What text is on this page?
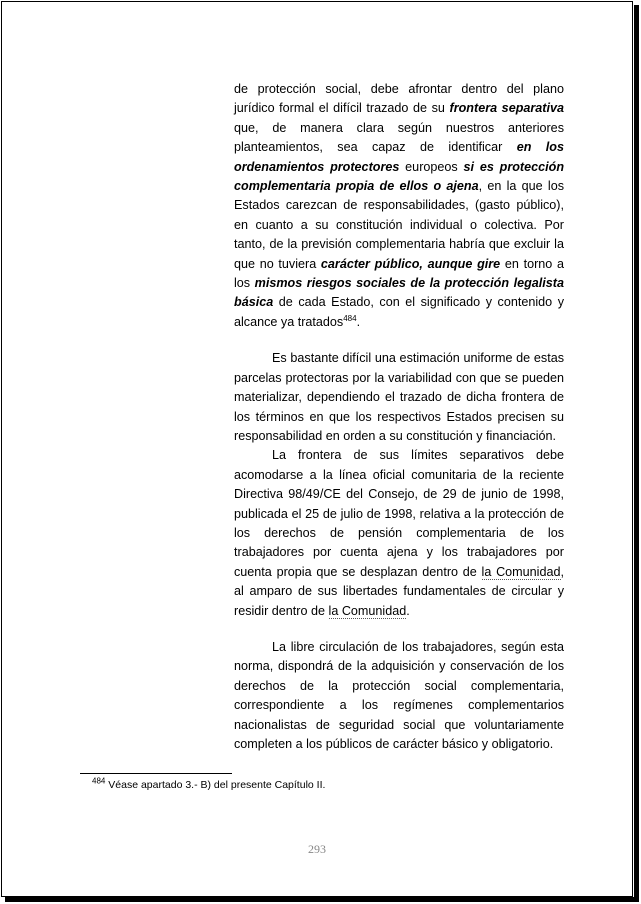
de protección social, debe afrontar dentro del plano jurídico formal el difícil trazado de su frontera separativa que, de manera clara según nuestros anteriores planteamientos, sea capaz de identificar en los ordenamientos protectores europeos si es protección complementaria propia de ellos o ajena, en la que los Estados carezcan de responsabilidades, (gasto público), en cuanto a su constitución individual o colectiva. Por tanto, de la previsión complementaria habría que excluir la que no tuviera carácter público, aunque gire en torno a los mismos riesgos sociales de la protección legalista básica de cada Estado, con el significado y contenido y alcance ya tratados$^{484}$.

Es bastante difícil una estimación uniforme de estas parcelas protectoras por la variabilidad con que se pueden materializar, dependiendo el trazado de dicha frontera de los términos en que los respectivos Estados precisen su responsabilidad en orden a su constitución y financiación.

La frontera de sus límites separativos debe acomodarse a la línea oficial comunitaria de la reciente Directiva 98/49/CE del Consejo, de 29 de junio de 1998, publicada el 25 de julio de 1998, relativa a la protección de los derechos de pensión complementaria de los trabajadores por cuenta ajena y los trabajadores por cuenta propia que se desplazan dentro de la Comunidad, al amparo de sus libertades fundamentales de circular y residir dentro de la Comunidad.

La libre circulación de los trabajadores, según esta norma, dispondrá de la adquisición y conservación de los derechos de la protección social complementaria, correspondiente a los regímenes complementarios nacionalistas de seguridad social que voluntariamente completen a los públicos de carácter básico y obligatorio.

$^{484}$ Véase apartado 3.- B) del presente Capítulo II.
293
